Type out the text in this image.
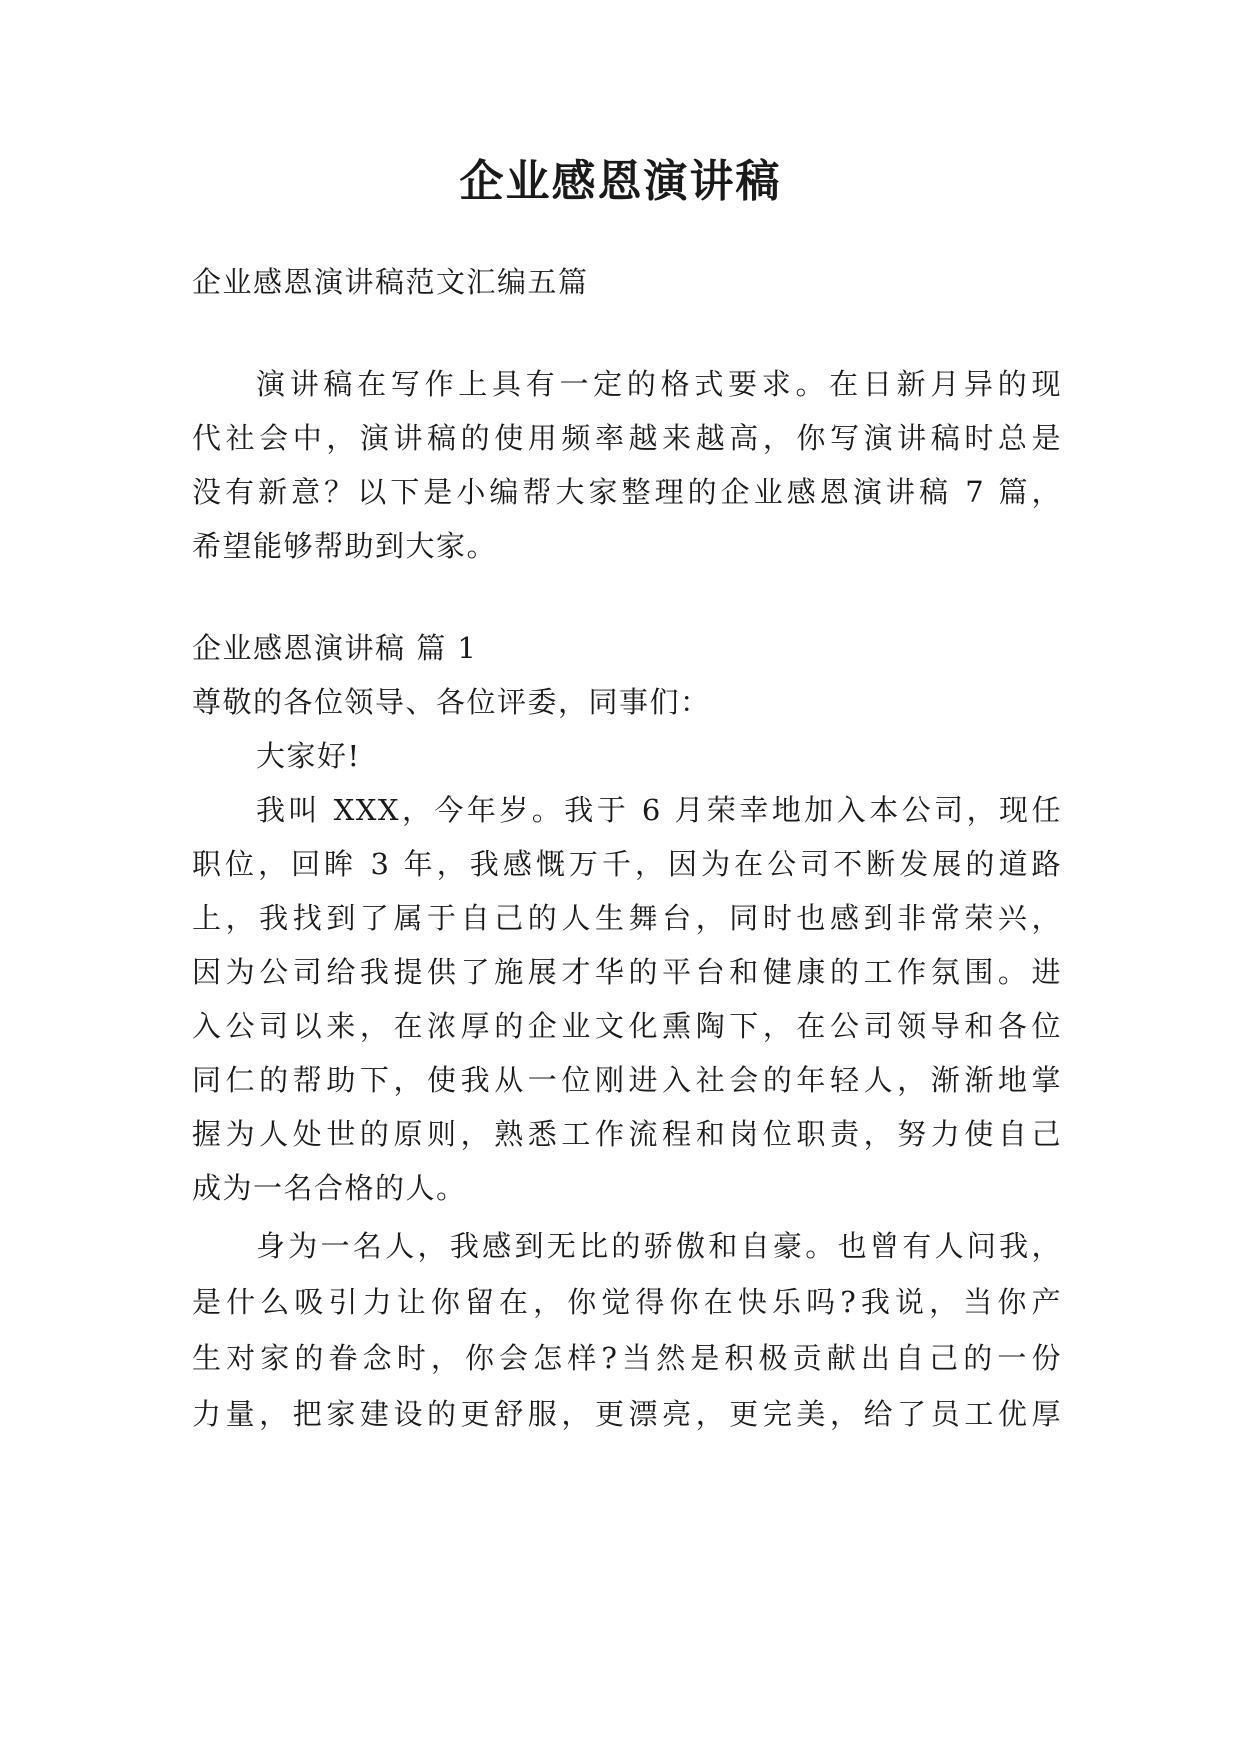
企业感恩演讲稿
企业感恩演讲稿范文汇编五篇
演讲稿在写作上具有一定的格式要求。在日新月异的现
代社会中，演讲稿的使用频率越来越高，你写演讲稿时总是
没有新意？以下是小编帮大家整理的企业感恩演讲稿 7 篇，
希望能够帮助到大家。
企业感恩演讲稿 篇 1
尊敬的各位领导、各位评委，同事们：
大家好!
我叫 XXX，今年岁。我于 6 月荣幸地加入本公司，现任
职位，回眸 3 年，我感慨万千，因为在公司不断发展的道路
上，我找到了属于自己的人生舞台，同时也感到非常荣兴，
因为公司给我提供了施展才华的平台和健康的工作氛围。进
入公司以来，在浓厚的企业文化熏陶下，在公司领导和各位
同仁的帮助下，使我从一位刚进入社会的年轻人，渐渐地掌
握为人处世的原则，熟悉工作流程和岗位职责，努力使自己
成为一名合格的人。
身为一名人，我感到无比的骄傲和自豪。也曾有人问我，
是什么吸引力让你留在，你觉得你在快乐吗?我说，当你产
生对家的眷念时，你会怎样?当然是积极贡献出自己的一份
力量，把家建设的更舒服，更漂亮，更完美，给了员工优厚
